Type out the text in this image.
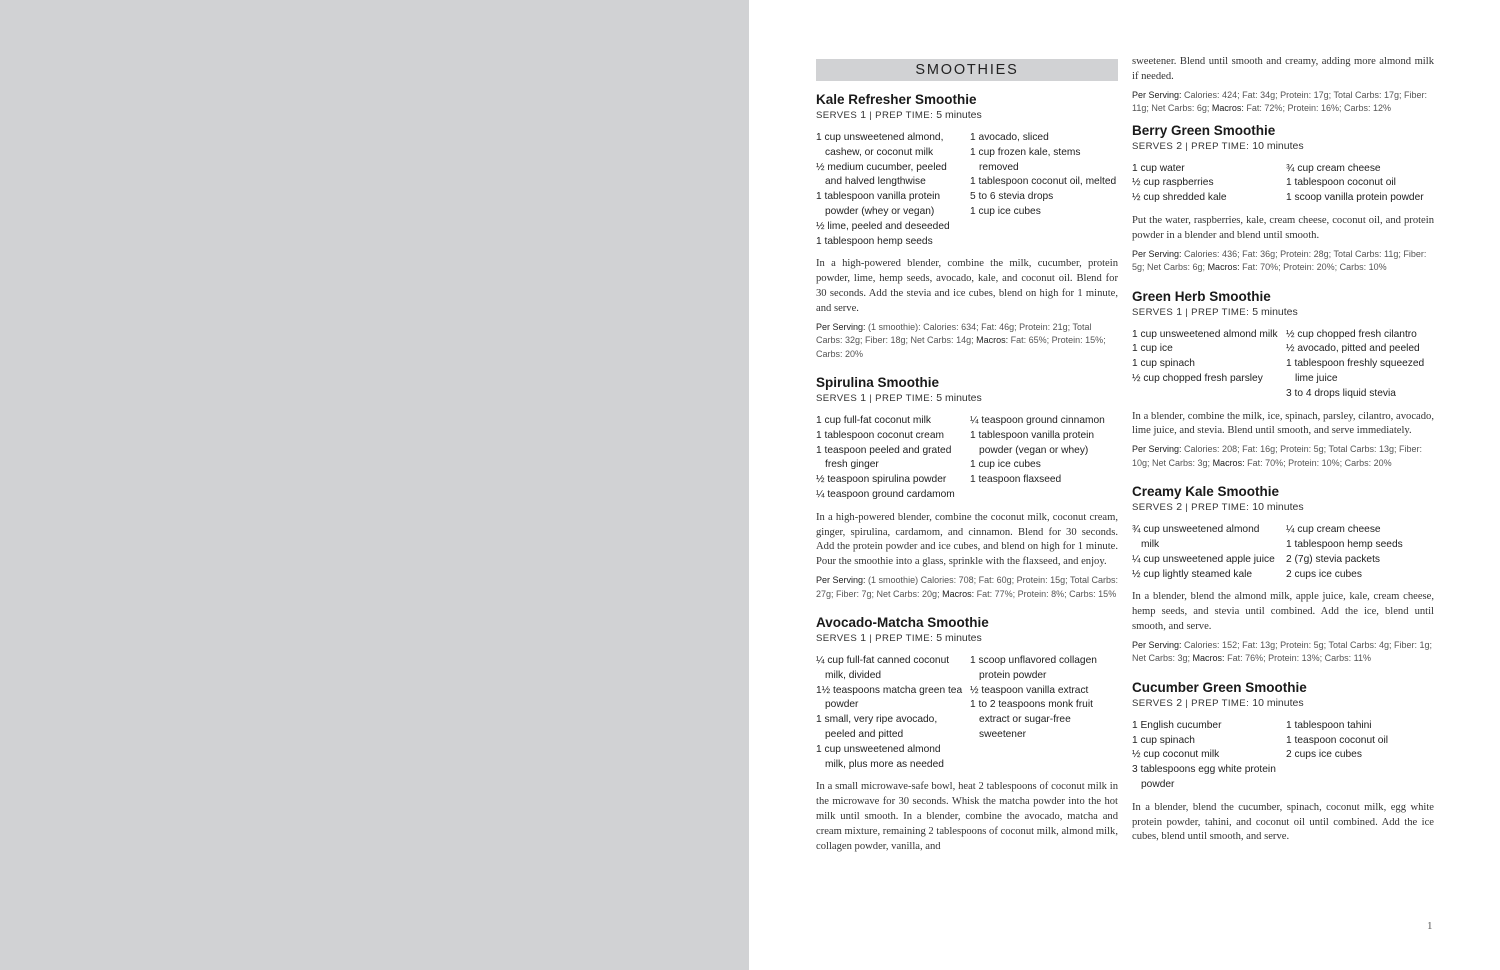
SMOOTHIES
Kale Refresher Smoothie
SERVES 1 | PREP TIME: 5 minutes
1 cup unsweetened almond, cashew, or coconut milk
½ medium cucumber, peeled and halved lengthwise
1 tablespoon vanilla protein powder (whey or vegan)
½ lime, peeled and deseeded
1 tablespoon hemp seeds
1 avocado, sliced
1 cup frozen kale, stems removed
1 tablespoon coconut oil, melted
5 to 6 stevia drops
1 cup ice cubes

In a high-powered blender, combine the milk, cucumber, protein powder, lime, hemp seeds, avocado, kale, and coconut oil. Blend for 30 seconds. Add the stevia and ice cubes, blend on high for 1 minute, and serve.

Per Serving: (1 smoothie): Calories: 634; Fat: 46g; Protein: 21g; Total Carbs: 32g; Fiber: 18g; Net Carbs: 14g; Macros: Fat: 65%; Protein: 15%; Carbs: 20%
Spirulina Smoothie
SERVES 1 | PREP TIME: 5 minutes
1 cup full-fat coconut milk
1 tablespoon coconut cream
1 teaspoon peeled and grated fresh ginger
½ teaspoon spirulina powder
¼ teaspoon ground cardamom
¼ teaspoon ground cinnamon
1 tablespoon vanilla protein powder (vegan or whey)
1 cup ice cubes
1 teaspoon flaxseed

In a high-powered blender, combine the coconut milk, coconut cream, ginger, spirulina, cardamom, and cinnamon. Blend for 30 seconds. Add the protein powder and ice cubes, and blend on high for 1 minute. Pour the smoothie into a glass, sprinkle with the flaxseed, and enjoy.

Per Serving: (1 smoothie) Calories: 708; Fat: 60g; Protein: 15g; Total Carbs: 27g; Fiber: 7g; Net Carbs: 20g; Macros: Fat: 77%; Protein: 8%; Carbs: 15%
Avocado-Matcha Smoothie
SERVES 1 | PREP TIME: 5 minutes
¼ cup full-fat canned coconut milk, divided
1½ teaspoons matcha green tea powder
1 small, very ripe avocado, peeled and pitted
1 cup unsweetened almond milk, plus more as needed
1 scoop unflavored collagen protein powder
½ teaspoon vanilla extract
1 to 2 teaspoons monk fruit extract or sugar-free sweetener

In a small microwave-safe bowl, heat 2 tablespoons of coconut milk in the microwave for 30 seconds. Whisk the matcha powder into the hot milk until smooth. In a blender, combine the avocado, matcha and cream mixture, remaining 2 tablespoons of coconut milk, almond milk, collagen powder, vanilla, and

sweetener. Blend until smooth and creamy, adding more almond milk if needed.

Per Serving: Calories: 424; Fat: 34g; Protein: 17g; Total Carbs: 17g; Fiber: 11g; Net Carbs: 6g; Macros: Fat: 72%; Protein: 16%; Carbs: 12%
Berry Green Smoothie
SERVES 2 | PREP TIME: 10 minutes
1 cup water
½ cup raspberries
½ cup shredded kale
¾ cup cream cheese
1 tablespoon coconut oil
1 scoop vanilla protein powder

Put the water, raspberries, kale, cream cheese, coconut oil, and protein powder in a blender and blend until smooth.

Per Serving: Calories: 436; Fat: 36g; Protein: 28g; Total Carbs: 11g; Fiber: 5g; Net Carbs: 6g; Macros: Fat: 70%; Protein: 20%; Carbs: 10%
Green Herb Smoothie
SERVES 1 | PREP TIME: 5 minutes
1 cup unsweetened almond milk
1 cup ice
1 cup spinach
½ cup chopped fresh parsley
½ cup chopped fresh cilantro
½ avocado, pitted and peeled
1 tablespoon freshly squeezed lime juice
3 to 4 drops liquid stevia

In a blender, combine the milk, ice, spinach, parsley, cilantro, avocado, lime juice, and stevia. Blend until smooth, and serve immediately.

Per Serving: Calories: 208; Fat: 16g; Protein: 5g; Total Carbs: 13g; Fiber: 10g; Net Carbs: 3g; Macros: Fat: 70%; Protein: 10%; Carbs: 20%
Creamy Kale Smoothie
SERVES 2 | PREP TIME: 10 minutes
¾ cup unsweetened almond milk
¼ cup unsweetened apple juice
½ cup lightly steamed kale
¼ cup cream cheese
1 tablespoon hemp seeds
2 (7g) stevia packets
2 cups ice cubes

In a blender, blend the almond milk, apple juice, kale, cream cheese, hemp seeds, and stevia until combined. Add the ice, blend until smooth, and serve.

Per Serving: Calories: 152; Fat: 13g; Protein: 5g; Total Carbs: 4g; Fiber: 1g; Net Carbs: 3g; Macros: Fat: 76%; Protein: 13%; Carbs: 11%
Cucumber Green Smoothie
SERVES 2 | PREP TIME: 10 minutes
1 English cucumber
1 cup spinach
½ cup coconut milk
3 tablespoons egg white protein powder
1 tablespoon tahini
1 teaspoon coconut oil
2 cups ice cubes

In a blender, blend the cucumber, spinach, coconut milk, egg white protein powder, tahini, and coconut oil until combined. Add the ice cubes, blend until smooth, and serve.

1
